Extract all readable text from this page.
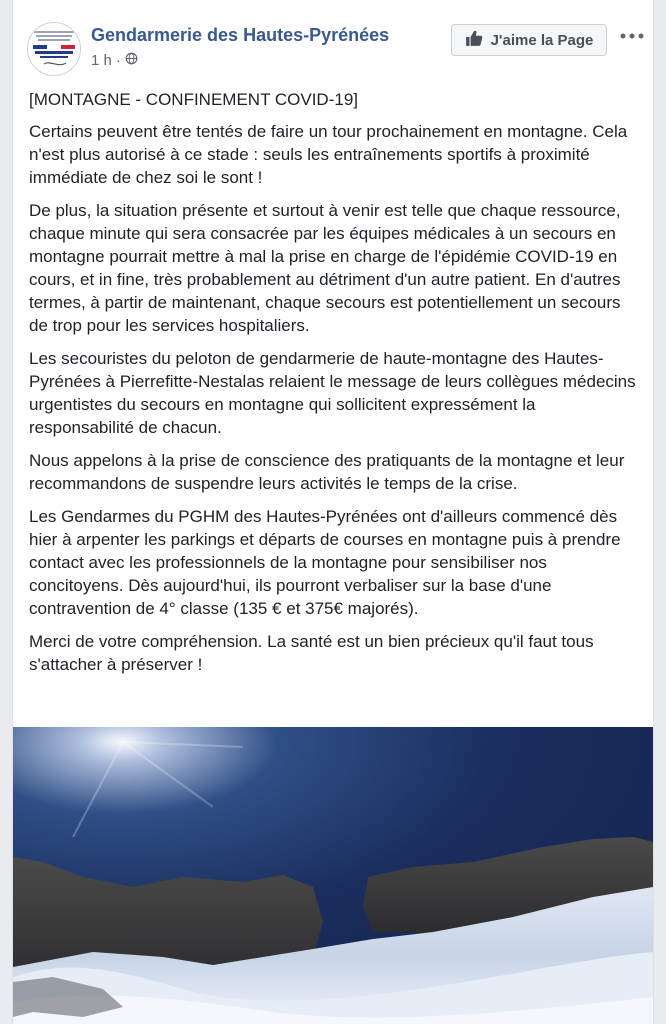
Gendarmerie des Hautes-Pyrénées
1 h ·
J'aime la Page

[MONTAGNE - CONFINEMENT COVID-19]

Certains peuvent être tentés de faire un tour prochainement en montagne. Cela n'est plus autorisé à ce stade : seuls les entraînements sportifs à proximité immédiate de chez soi le sont !

De plus, la situation présente et surtout à venir est telle que chaque ressource, chaque minute qui sera consacrée par les équipes médicales à un secours en montagne pourrait mettre à mal la prise en charge de l'épidémie COVID-19 en cours, et in fine, très probablement au détriment d'un autre patient. En d'autres termes, à partir de maintenant, chaque secours est potentiellement un secours de trop pour les services hospitaliers.

Les secouristes du peloton de gendarmerie de haute-montagne des Hautes-Pyrénées à Pierrefitte-Nestalas relaient le message de leurs collègues médecins urgentistes du secours en montagne qui sollicitent expressément la responsabilité de chacun.

Nous appelons à la prise de conscience des pratiquants de la montagne et leur recommandons de suspendre leurs activités le temps de la crise.

Les Gendarmes du PGHM des Hautes-Pyrénées ont d'ailleurs commencé dès hier à arpenter les parkings et départs de courses en montagne puis à prendre contact avec les professionnels de la montagne pour sensibiliser nos concitoyens. Dès aujourd'hui, ils pourront verbaliser sur la base d'une contravention de 4° classe (135 € et 375€ majorés).

Merci de votre compréhension. La santé est un bien précieux qu'il faut tous s'attacher à préserver !
